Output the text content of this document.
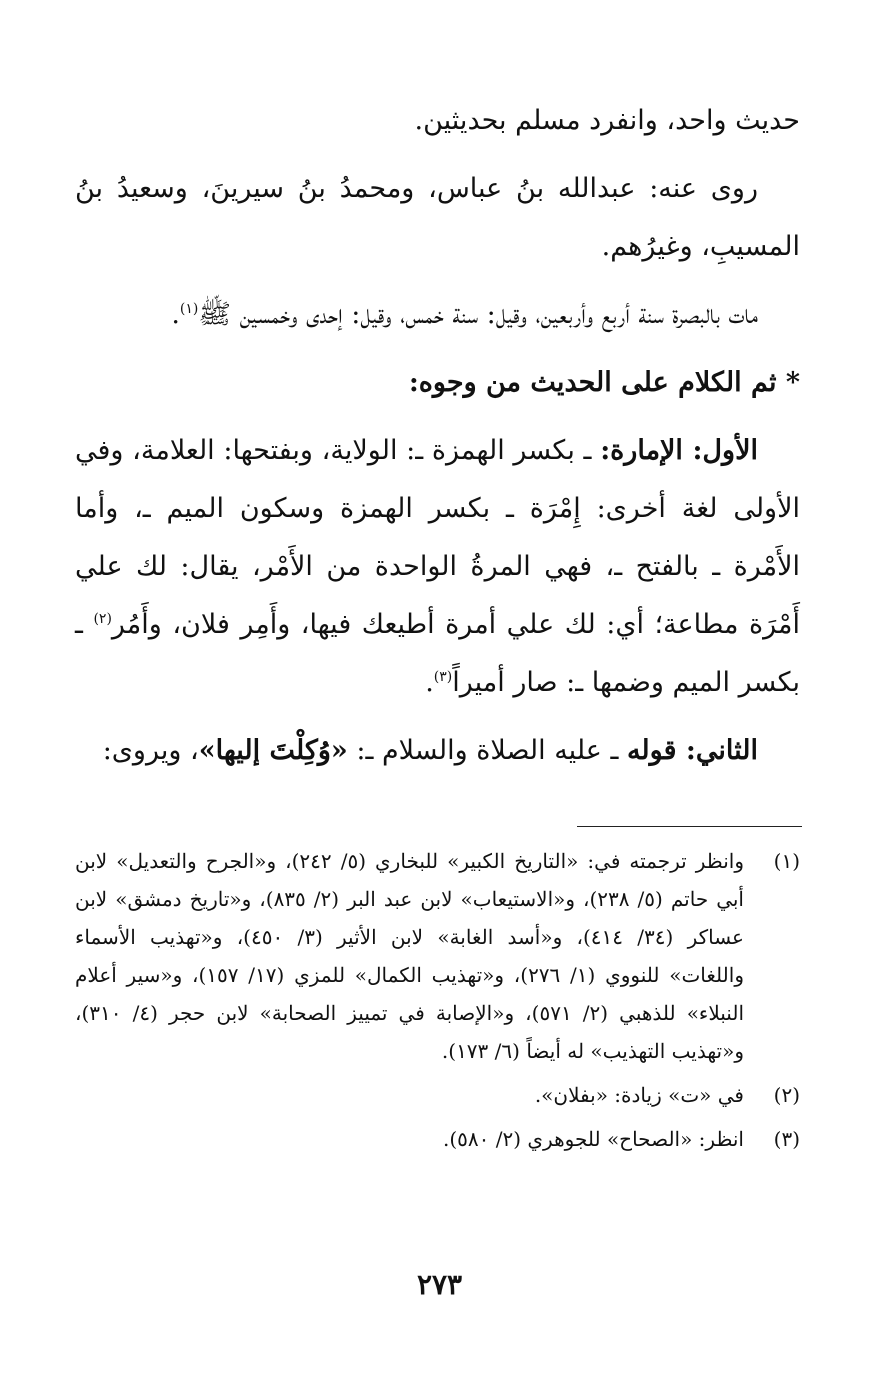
حديث واحد، وانفرد مسلم بحديثين.

روى عنه: عبدالله بنُ عباس، ومحمدُ بنُ سيرينَ، وسعيدُ بنُ المسيبِ، وغيرُهم.

مات بالبصرة سنة أربع وأربعين، وقيل: سنة خمس، وقيل: إحدى وخمسين ﷺ$^{(١)}$.

* ثم الكلام على الحديث من وجوه:

الأول: الإمارة: ـ بكسر الهمزة ـ: الولاية، وبفتحها: العلامة، وفي الأولى لغة أخرى: إِمْرَة ـ بكسر الهمزة وسكون الميم ـ، وأما الأَمْرة ـ بالفتح ـ، فهي المرةُ الواحدة من الأَمْر، يقال: لك علي أَمْرَة مطاعة؛ أي: لك علي أمرة أطيعك فيها، وأَمِر فلان، وأَمُر$^{(٢)}$ ـ بكسر الميم وضمها ـ: صار أميراً$^{(٣)}$.

الثاني: قوله ـ عليه الصلاة والسلام ـ: «وُكِلْتَ إليها»، ويروى:

(١)
وانظر ترجمته في: «التاريخ الكبير» للبخاري (٥/ ٢٤٢)، و«الجرح والتعديل» لابن أبي حاتم (٥/ ٢٣٨)، و«الاستيعاب» لابن عبد البر (٢/ ٨٣٥)، و«تاريخ دمشق» لابن عساكر (٣٤/ ٤١٤)، و«أسد الغابة» لابن الأثير (٣/ ٤٥٠)، و«تهذيب الأسماء واللغات» للنووي (١/ ٢٧٦)، و«تهذيب الكمال» للمزي (١٧/ ١٥٧)، و«سير أعلام النبلاء» للذهبي (٢/ ٥٧١)، و«الإصابة في تمييز الصحابة» لابن حجر (٤/ ٣١٠)، و«تهذيب التهذيب» له أيضاً (٦/ ١٧٣).
(٢)
في «ت» زيادة: «بفلان».
(٣)
انظر: «الصحاح» للجوهري (٢/ ٥٨٠).
٢٧٣
